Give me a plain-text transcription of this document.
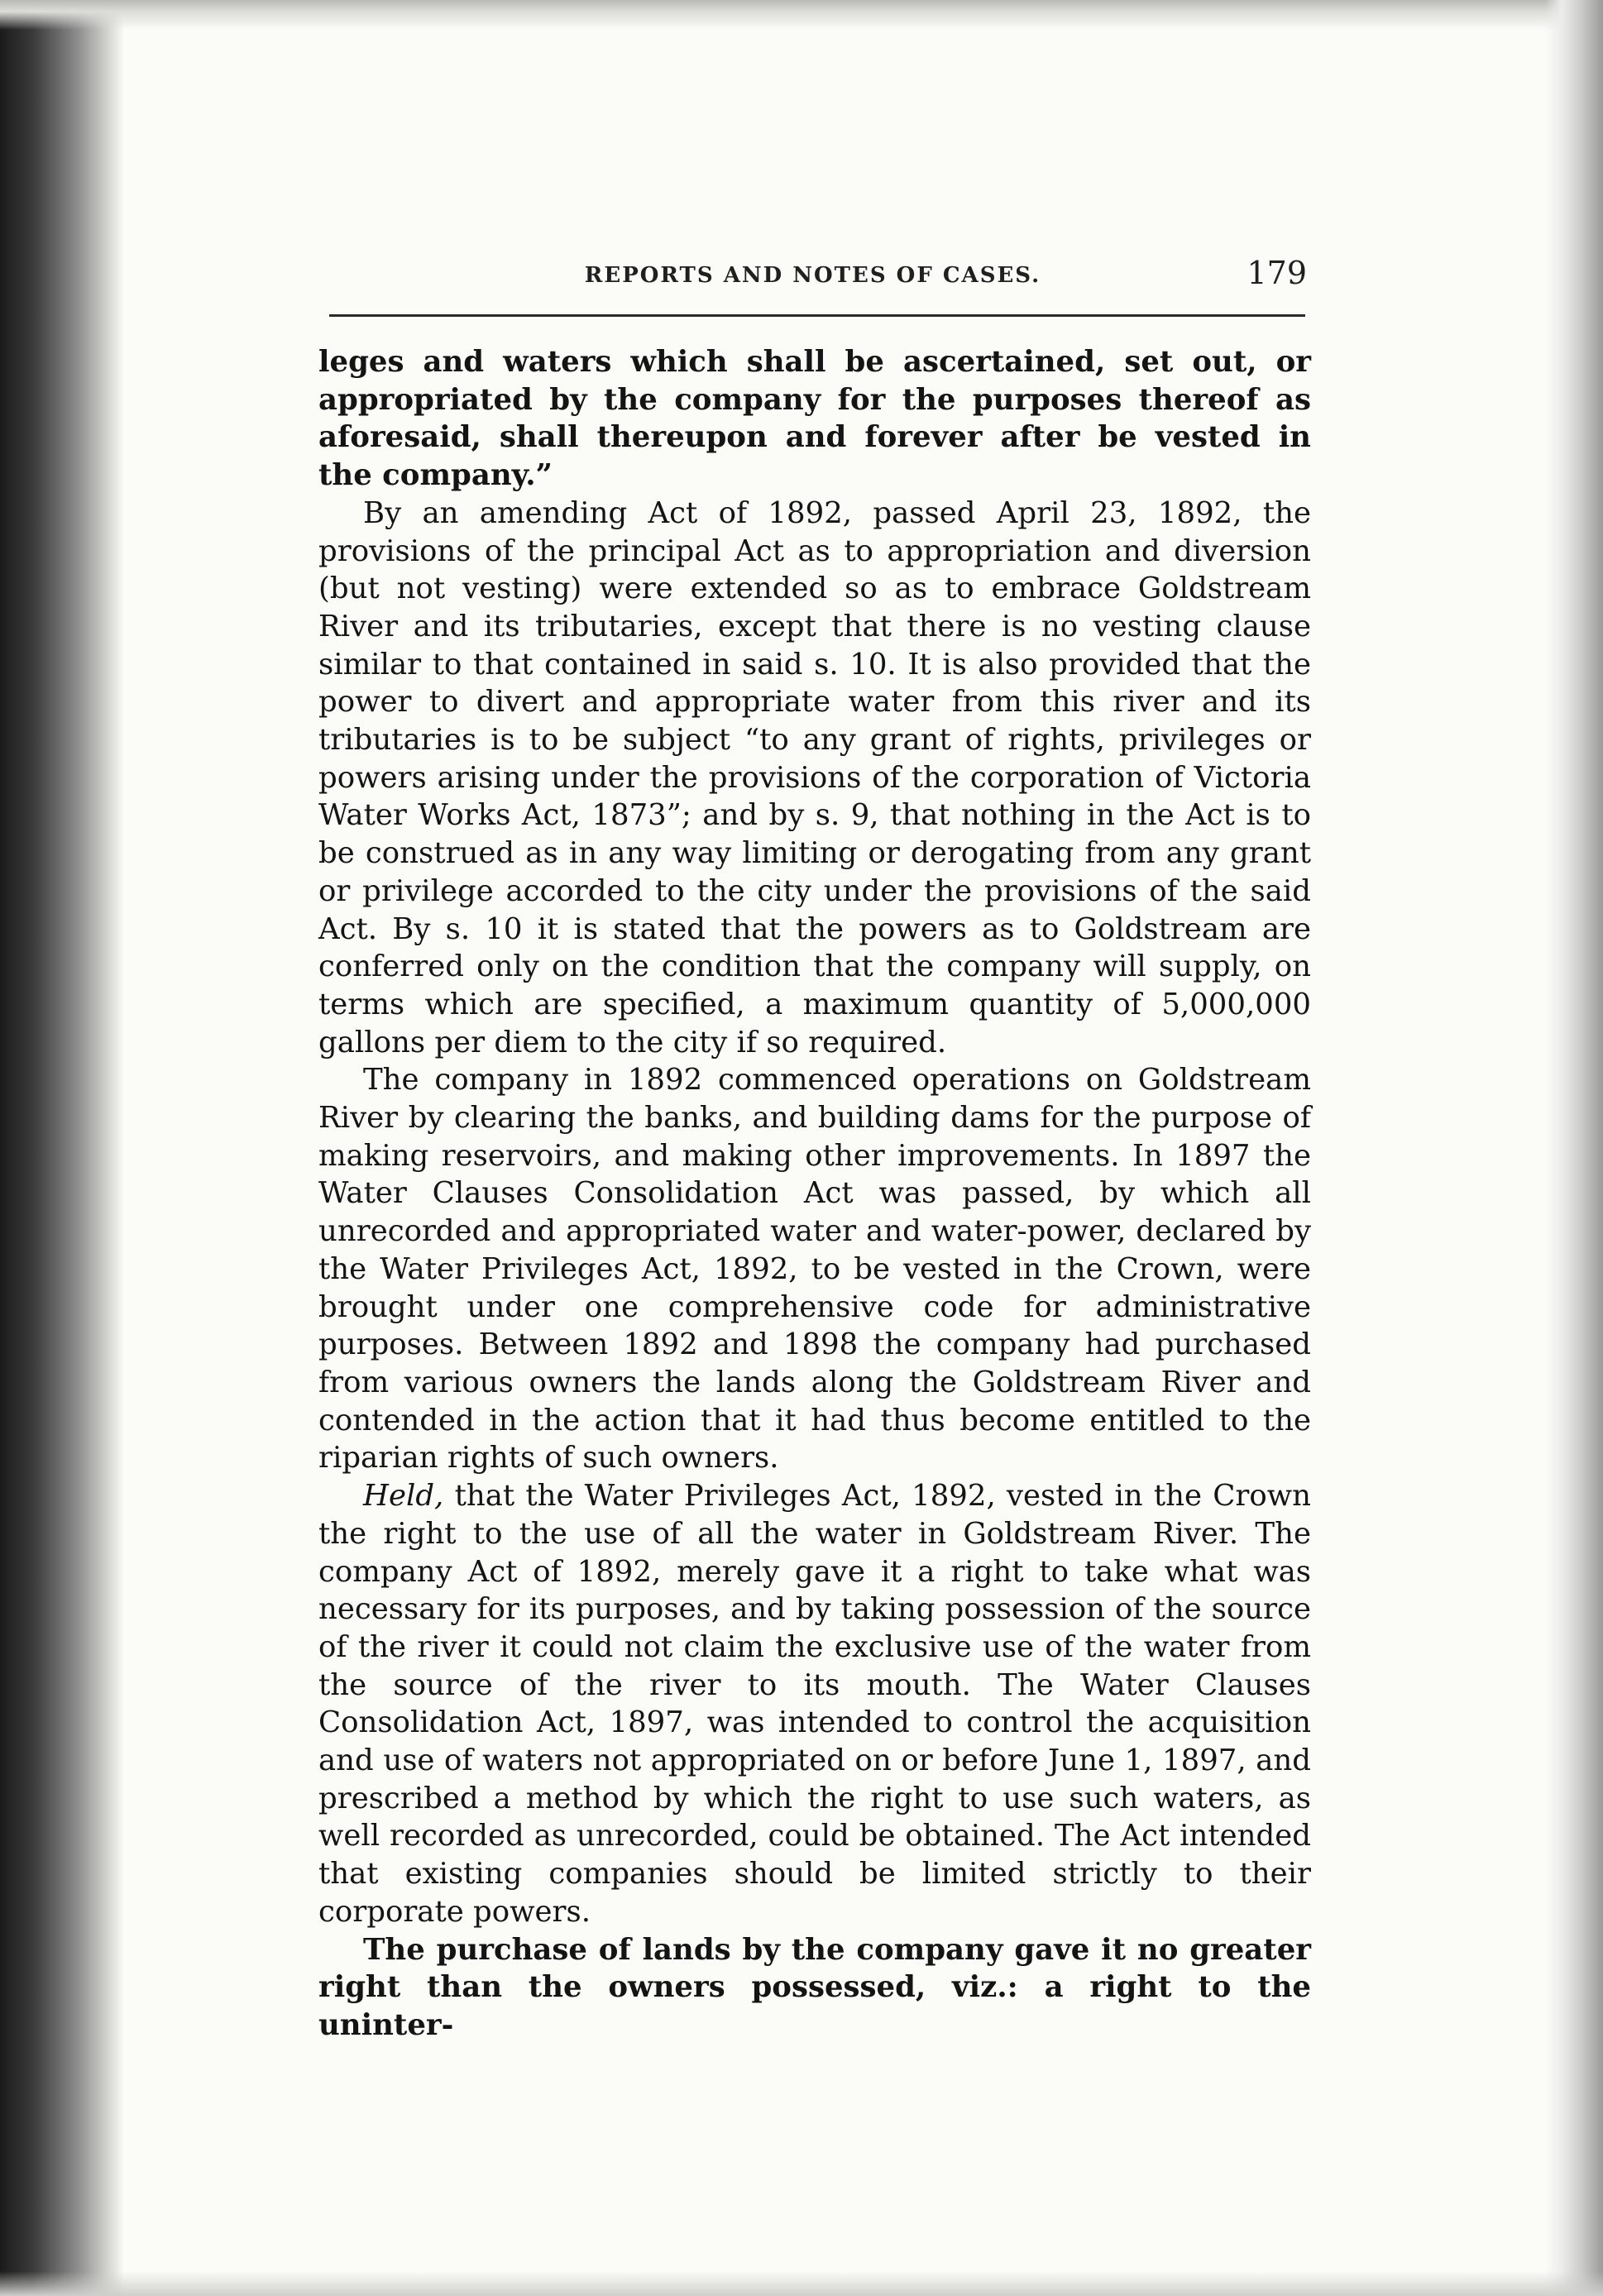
REPORTS AND NOTES OF CASES.	179

leges and waters which shall be ascertained, set out, or appropriated by the company for the purposes thereof as aforesaid, shall thereupon and forever after be vested in the company.”

By an amending Act of 1892, passed April 23, 1892, the provisions of the principal Act as to appropriation and diversion (but not vesting) were extended so as to embrace Goldstream River and its tributaries, except that there is no vesting clause similar to that contained in said s. 10. It is also provided that the power to divert and appropriate water from this river and its tributaries is to be subject “to any grant of rights, privileges or powers arising under the provisions of the corporation of Victoria Water Works Act, 1873”; and by s. 9, that nothing in the Act is to be construed as in any way limiting or derogating from any grant or privilege accorded to the city under the provisions of the said Act. By s. 10 it is stated that the powers as to Goldstream are conferred only on the condition that the company will supply, on terms which are specified, a maximum quantity of 5,000,000 gallons per diem to the city if so required.

The company in 1892 commenced operations on Goldstream River by clearing the banks, and building dams for the purpose of making reservoirs, and making other improvements. In 1897 the Water Clauses Consolidation Act was passed, by which all unrecorded and appropriated water and water-power, declared by the Water Privileges Act, 1892, to be vested in the Crown, were brought under one comprehensive code for administrative purposes. Between 1892 and 1898 the company had purchased from various owners the lands along the Goldstream River and contended in the action that it had thus become entitled to the riparian rights of such owners.

Held, that the Water Privileges Act, 1892, vested in the Crown the right to the use of all the water in Goldstream River. The company Act of 1892, merely gave it a right to take what was necessary for its purposes, and by taking possession of the source of the river it could not claim the exclusive use of the water from the source of the river to its mouth. The Water Clauses Consolidation Act, 1897, was intended to control the acquisition and use of waters not appropriated on or before June 1, 1897, and prescribed a method by which the right to use such waters, as well recorded as unrecorded, could be obtained. The Act intended that existing companies should be limited strictly to their corporate powers.

The purchase of lands by the company gave it no greater right than the owners possessed, viz.: a right to the uninter-
